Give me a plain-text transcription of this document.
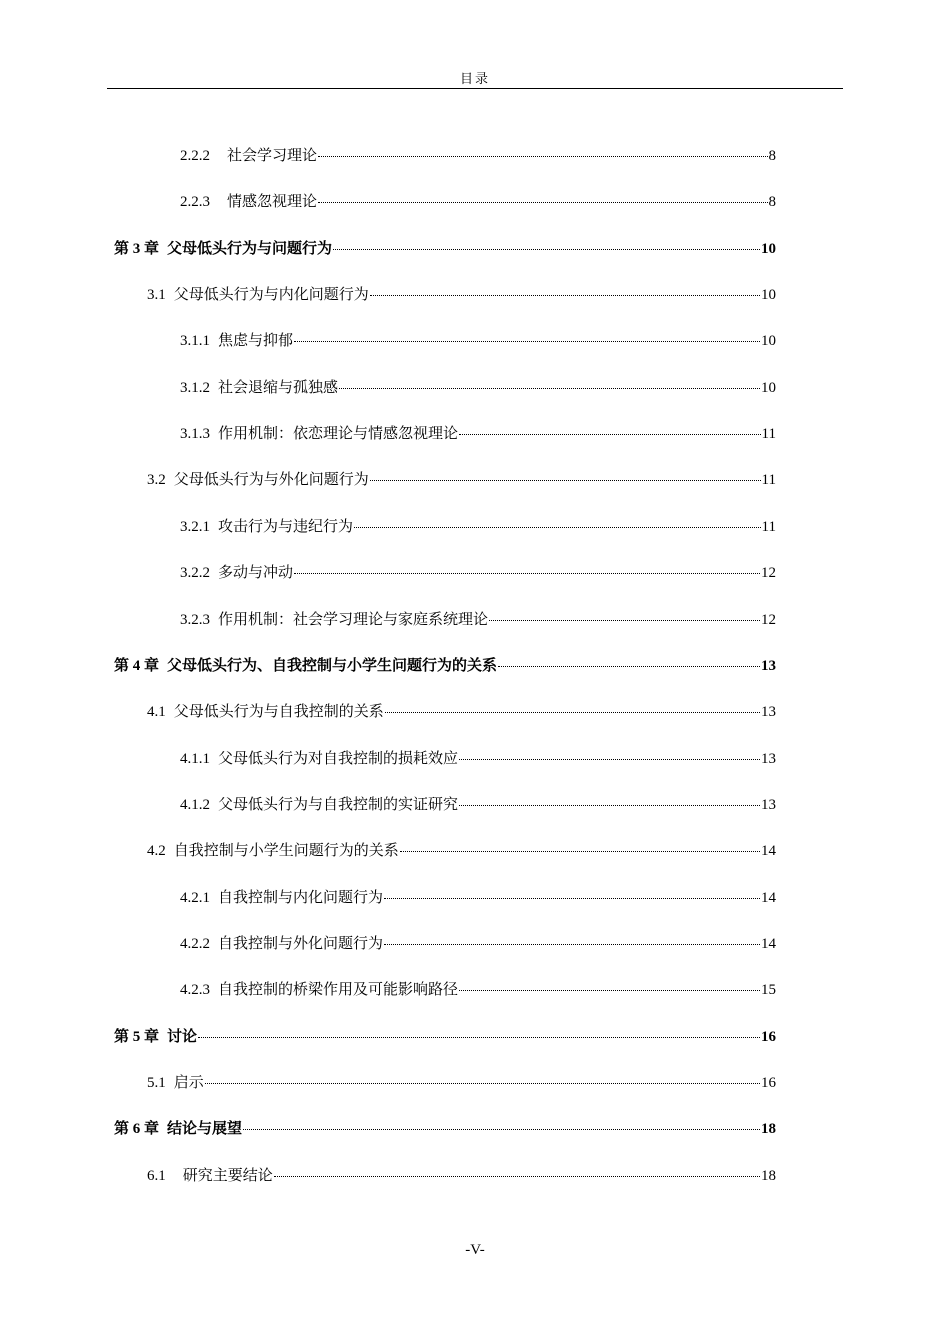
目录
2.2.2 社会学习理论	8
2.2.3 情感忽视理论	8
第 3 章 父母低头行为与问题行为	10
3.1 父母低头行为与内化问题行为	10
3.1.1 焦虑与抑郁	10
3.1.2 社会退缩与孤独感	10
3.1.3 作用机制：依恋理论与情感忽视理论	11
3.2 父母低头行为与外化问题行为	11
3.2.1 攻击行为与违纪行为	11
3.2.2 多动与冲动	12
3.2.3 作用机制：社会学习理论与家庭系统理论	12
第 4 章 父母低头行为、自我控制与小学生问题行为的关系	13
4.1 父母低头行为与自我控制的关系	13
4.1.1 父母低头行为对自我控制的损耗效应	13
4.1.2 父母低头行为与自我控制的实证研究	13
4.2 自我控制与小学生问题行为的关系	14
4.2.1 自我控制与内化问题行为	14
4.2.2 自我控制与外化问题行为	14
4.2.3 自我控制的桥梁作用及可能影响路径	15
第 5 章 讨论	16
5.1 启示	16
第 6 章 结论与展望	18
6.1 研究主要结论	18
-V-
